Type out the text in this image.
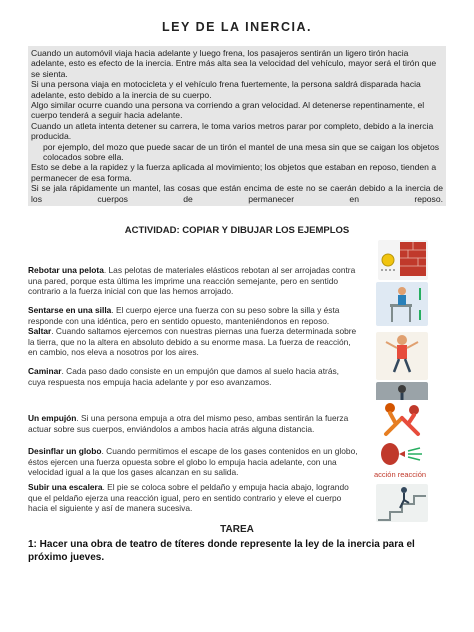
LEY DE LA INERCIA.

Cuando un automóvil viaja hacia adelante y luego frena, los pasajeros sentirán un ligero tirón hacia adelante, esto es efecto de la inercia. Entre más alta sea la velocidad del vehículo, mayor será el tirón que se sienta.

Si una persona viaja en motocicleta y el vehículo frena fuertemente, la persona saldrá disparada hacia adelante, esto debido a la inercia de su cuerpo.

Algo similar ocurre cuando una persona va corriendo a gran velocidad. Al detenerse repentinamente, el cuerpo tenderá a seguir hacia adelante.

Cuando un atleta intenta detener su carrera, le toma varios metros parar por completo, debido a la inercia producida.

por ejemplo, del mozo que puede sacar de un tirón el mantel de una mesa sin que se caigan los objetos colocados sobre ella.

Esto se debe a la rapidez y la fuerza aplicada al movimiento; los objetos que estaban en reposo, tienden a permanecer de esa forma.

Si se jala rápidamente un mantel, las cosas que están encima de este no se caerán debido a la inercia de los cuerpos de permanecer en reposo.

ACTIVIDAD: COPIAR Y DIBUJAR LOS EJEMPLOS
Rebotar una pelota. Las pelotas de materiales elásticos rebotan al ser arrojadas contra una pared, porque esta última les imprime una reacción semejante, pero en sentido contrario a la fuerza inicial con que las hemos arrojado.
Sentarse en una silla. El cuerpo ejerce una fuerza con su peso sobre la silla y ésta responde con una idéntica, pero en sentido opuesto, manteniéndonos en reposo.
Saltar. Cuando saltamos ejercemos con nuestras piernas una fuerza determinada sobre la tierra, que no la altera en absoluto debido a su enorme masa. La fuerza de reacción, en cambio, nos eleva a nosotros por los aires.
Caminar. Cada paso dado consiste en un empujón que damos al suelo hacia atrás, cuya respuesta nos empuja hacia adelante y por eso avanzamos.
Un empujón. Si una persona empuja a otra del mismo peso, ambas sentirán la fuerza actuar sobre sus cuerpos, enviándolos a ambos hacia atrás alguna distancia.
Desinflar un globo. Cuando permitimos el escape de los gases contenidos en un globo, éstos ejercen una fuerza opuesta sobre el globo lo empuja hacia adelante, con una velocidad igual a la que los gases alcanzan en su salida.	acción reacción
Subir una escalera. El pie se coloca sobre el peldaño y empuja hacia abajo, logrando que el peldaño ejerza una reacción igual, pero en sentido contrario y eleve el cuerpo hacia el siguiente y así de manera sucesiva.
TAREA
1: Hacer una obra de teatro de títeres donde represente la ley de la inercia para el próximo jueves.
